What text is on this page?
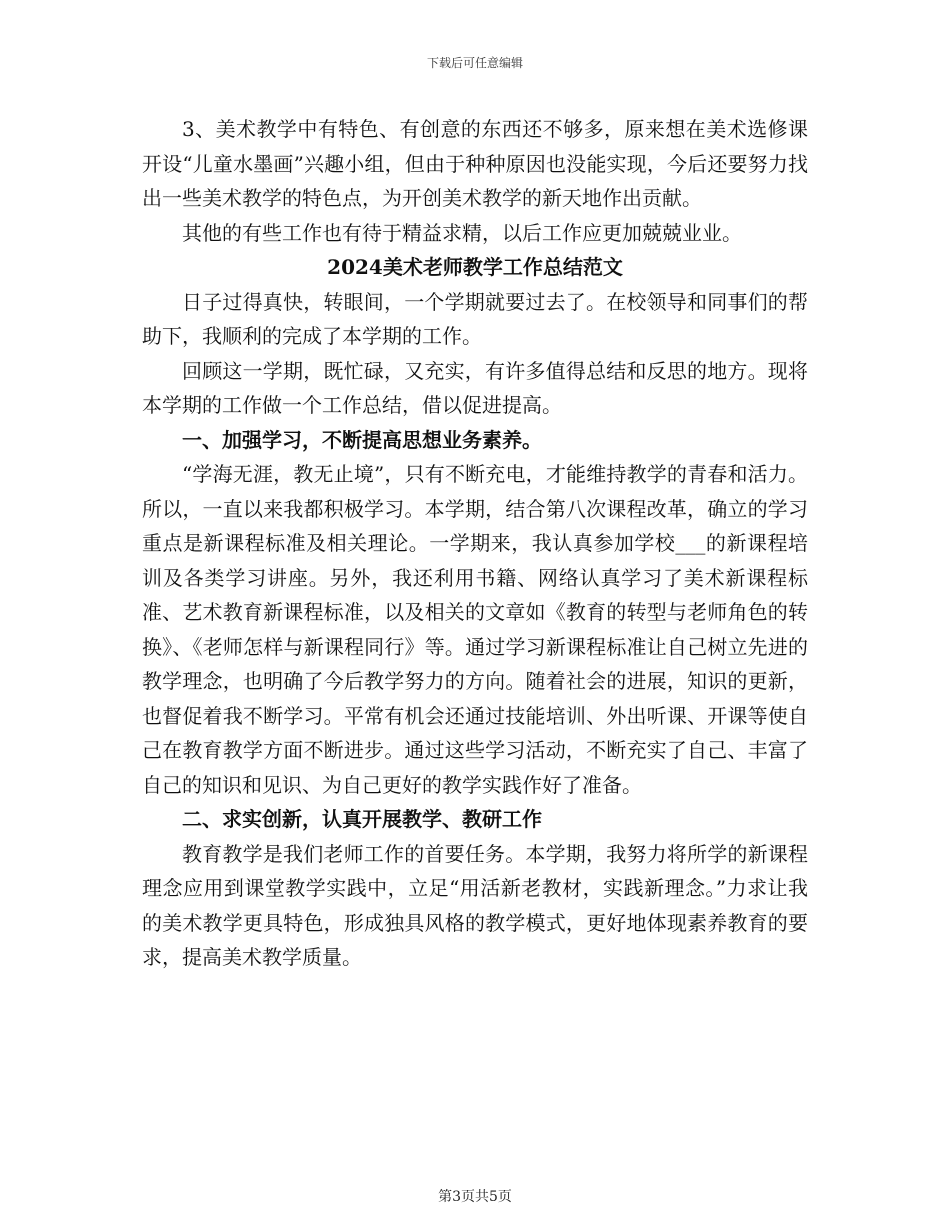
下载后可任意编辑

3、美术教学中有特色、有创意的东西还不够多，原来想在美术选修课开设“儿童水墨画”兴趣小组，但由于种种原因也没能实现，今后还要努力找出一些美术教学的特色点，为开创美术教学的新天地作出贡献。

其他的有些工作也有待于精益求精，以后工作应更加兢兢业业。

2024美术老师教学工作总结范文

日子过得真快，转眼间，一个学期就要过去了。在校领导和同事们的帮助下，我顺利的完成了本学期的工作。

回顾这一学期，既忙碌，又充实，有许多值得总结和反思的地方。现将本学期的工作做一个工作总结，借以促进提高。

一、加强学习，不断提高思想业务素养。

“学海无涯，教无止境”，只有不断充电，才能维持教学的青春和活力。所以，一直以来我都积极学习。本学期，结合第八次课程改革，确立的学习重点是新课程标准及相关理论。一学期来，我认真参加学校___的新课程培训及各类学习讲座。另外，我还利用书籍、网络认真学习了美术新课程标准、艺术教育新课程标准，以及相关的文章如《教育的转型与老师角色的转换》、《老师怎样与新课程同行》等。通过学习新课程标准让自己树立先进的教学理念，也明确了今后教学努力的方向。随着社会的进展，知识的更新，也督促着我不断学习。平常有机会还通过技能培训、外出听课、开课等使自己在教育教学方面不断进步。通过这些学习活动，不断充实了自己、丰富了自己的知识和见识、为自己更好的教学实践作好了准备。

二、求实创新，认真开展教学、教研工作

教育教学是我们老师工作的首要任务。本学期，我努力将所学的新课程理念应用到课堂教学实践中，立足“用活新老教材，实践新理念。”力求让我的美术教学更具特色，形成独具风格的教学模式，更好地体现素养教育的要求，提高美术教学质量。

第3页共5页
